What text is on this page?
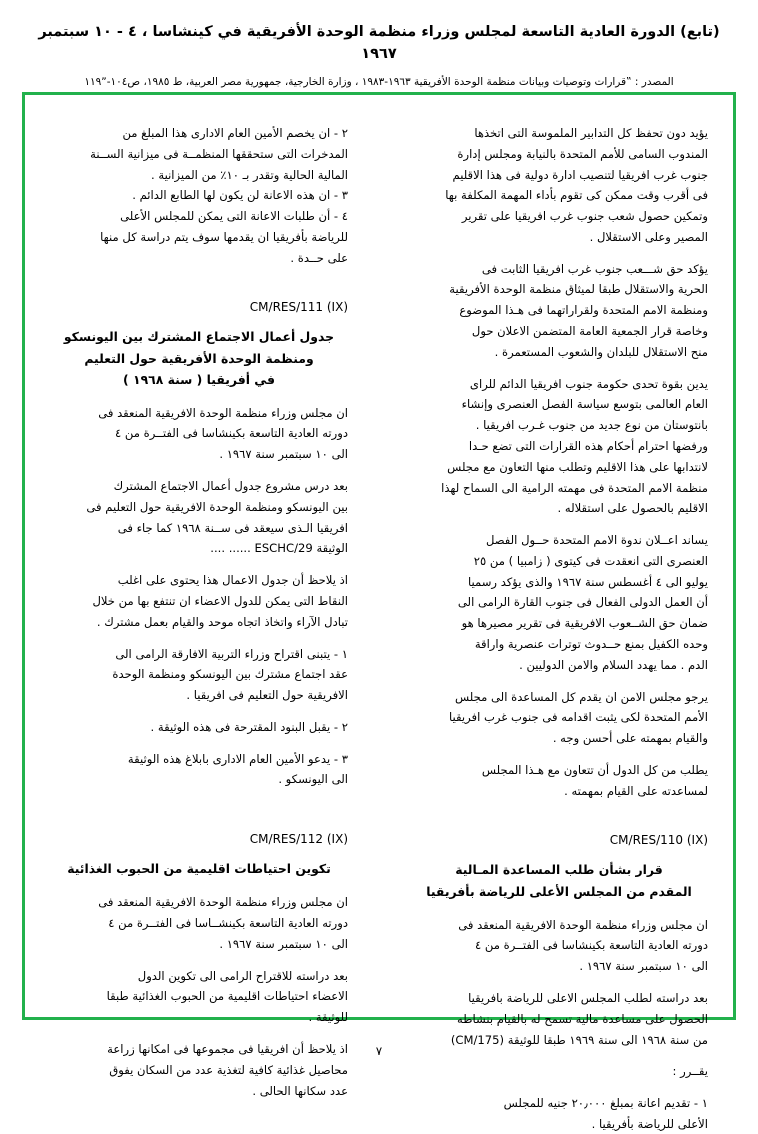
(تابع) الدورة العادية التاسعة لمجلس وزراء منظمة الوحدة الأفريقية في كينشاسا ، ٤ - ١٠ سبتمبر ١٩٦٧
المصدر : ‟قرارات وتوصيات وبيانات منظمة الوحدة الأفريقية ١٩٦٣-١٩٨٣ ، وزارة الخارجية، جمهورية مصر العربية، ط ١٩٨٥، ص١٠٤-١١٩ˮ

يؤيد دون تحفظ كل التدابير الملموسة التى اتخذها

المندوب السامى للأمم المتحدة بالنيابة ومجلس إدارة

جنوب غرب افريقيا لتنصيب ادارة دولية فى هذا الاقليم

فى أقرب وقت ممكن كى تقوم بأداء المهمة المكلفة بها

وتمكين حصول شعب جنوب غرب افريقيا على تقرير

المصير وعلى الاستقلال .

يؤكد حق شـــعب جنوب غرب افريقيا الثابت فى

الحرية والاستقلال طبقا لميثاق منظمة الوحدة الأفريقية

ومنظمة الامم المتحدة ولقراراتهما فى هـذا الموضوع

وخاصة قرار الجمعية العامة المتضمن الاعلان حول

منح الاستقلال للبلدان والشعوب المستعمرة .

يدين بقوة تحدى حكومة جنوب افريقيا الدائم للراى

العام العالمى بتوسع سياسة الفصل العنصرى وإنشاء

بانتوستان من نوع جديد من جنوب غـرب افريقيا .

ورفضها احترام أحكام هذه القرارات التى تضع حـدا

لانتدابها على هذا الاقليم وتطلب منها التعاون مع مجلس

منظمة الامم المتحدة فى مهمته الرامية الى السماح لهذا

الاقليم بالحصول على استقلاله .

يساند اعــلان ندوة الامم المتحدة حــول الفصل

العنصرى التى انعقدت فى كيتوى ( زامبيا ) من ٢٥

يوليو الى ٤ أغسطس سنة ١٩٦٧ والذى يؤكد رسميا

أن العمل الدولى الفعال فى جنوب القارة الرامى الى

ضمان حق الشــعوب الافريقية فى تقرير مصيرها هو

وحده الكفيل بمنع حــدوث توترات عنصرية واراقة

الدم . مما يهدد السلام والامن الدوليين .

يرجو مجلس الامن ان يقدم كل المساعدة الى مجلس

الأمم المتحدة لكى يثبت اقدامه فى جنوب غرب افريقيا

والقيام بمهمته على أحسن وجه .

يطلب من كل الدول أن تتعاون مع هـذا المجلس

لمساعدته على القيام بمهمته .

CM/RES/110 (IX)

قرار بشأن طلب المساعدة المـالية

المقدم من المجلس الأعلى للرياضة بأفريقيا

ان مجلس وزراء منظمة الوحدة الافريقية المنعقد فى

دورته العادية التاسعة بكينشاسا فى الفتــرة من ٤

الى ١٠ سبتمبر سنة ١٩٦٧ .

بعد دراسته لطلب المجلس الاعلى للرياضة بافريقيا

الحصول على مساعدة مالية تسمح له بالقيام بنشاطه

من سنة ١٩٦٨ الى سنة ١٩٦٩ طبقا للوثيقة (CM/175)

يقــرر :

١ - تقديم اعانة بمبلغ ٢٠٫٠٠٠ جنيه للمجلس

الأعلى للرياضة بأفريقيا .

٢ - ان يخصم الأمين العام الادارى هذا المبلغ من

المدخرات التى ستحققها المنظمــة فى ميزانية الســنة

المالية الحالية وتقدر بـ ١٠٪ من الميزانية .

٣ - ان هذه الاعانة لن يكون لها الطابع الدائم .

٤ - أن طلبات الاعانة التى يمكن للمجلس الأعلى

للرياضة بأفريقيا ان يقدمها سوف يتم دراسة كل منها

على حــدة .

CM/RES/111 (IX)

جدول أعمال الاجتماع المشترك بين اليونسكو

ومنظمة الوحدة الأفريقية حول التعليم

في أفريقيا ( سنة ١٩٦٨ )

ان مجلس وزراء منظمة الوحدة الافريقية المنعقد فى

دورته العادية التاسعة بكينشاسا فى الفتــرة من ٤

الى ١٠ سبتمبر سنة ١٩٦٧ .

بعد درس مشروع جدول أعمال الاجتماع المشترك

بين اليونسكو ومنظمة الوحدة الافريقية حول التعليم فى

افريقيا الـذى سيعقد فى ســنة ١٩٦٨ كما جاء فى

الوثيقة ESCHC/29 ...... ....

اذ يلاحظ أن جدول الاعمال هذا يحتوى على اغلب

النقاط التى يمكن للدول الاعضاء ان تنتفع بها من خلال

تبادل الآراء واتخاذ اتجاه موحد والقيام بعمل مشترك .

١ - يتبنى اقتراح وزراء التربية الافارقة الرامى الى

عقد اجتماع مشترك بين اليونسكو ومنظمة الوحدة

الافريقية حول التعليم فى افريقيا .

٢ - يقبل البنود المقترحة فى هذه الوثيقة .

٣ - يدعو الأمين العام الادارى بابلاغ هذه الوثيقة

الى اليونسكو .

CM/RES/112 (IX)

تكوين احتياطات اقليمية من الحبوب الغذائية

ان مجلس وزراء منظمة الوحدة الافريقية المنعقد فى

دورته العادية التاسعة بكينشــاسا فى الفتــرة من ٤

الى ١٠ سبتمبر سنة ١٩٦٧ .

بعد دراسته للاقتراح الرامى الى تكوين الدول

الاعضاء احتياطات اقليمية من الحبوب الغذائية طبقا

للوثيقة .

اذ يلاحظ أن افريقيا فى مجموعها فى امكانها زراعة

محاصيل غذائية كافية لتغذية عدد من السكان يفوق

عدد سكانها الحالى .

٧
